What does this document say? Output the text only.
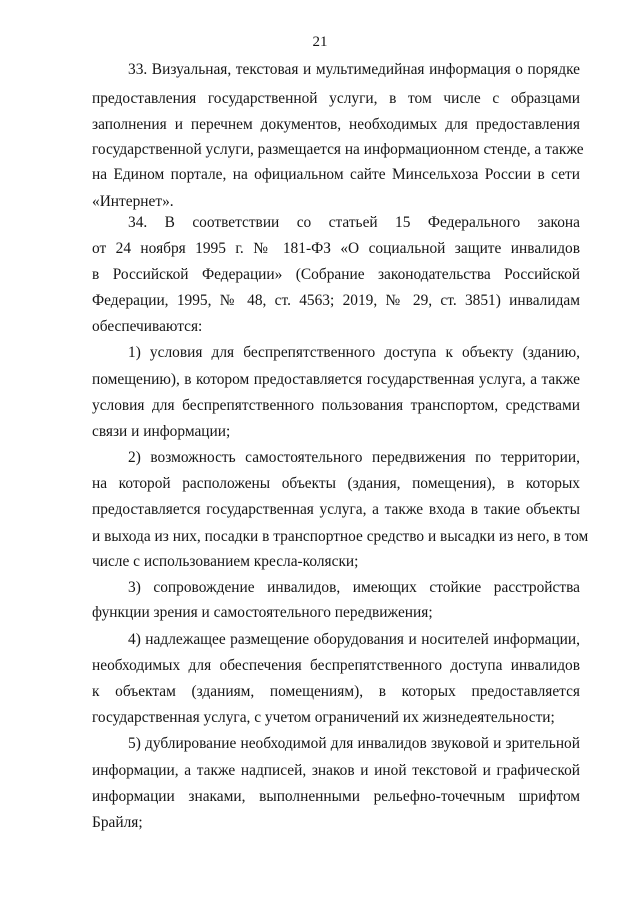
21
33. Визуальная, текстовая и мультимедийная информация о порядке
предоставления государственной услуги, в том числе с образцами
заполнения и перечнем документов, необходимых для предоставления
государственной услуги, размещается на информационном стенде, а также
на Едином портале, на официальном сайте Минсельхоза России в сети
«Интернет».
34. В соответствии со статьей 15 Федерального закона
от 24 ноября 1995 г. № 181-ФЗ «О социальной защите инвалидов
в Российской Федерации» (Собрание законодательства Российской
Федерации, 1995, № 48, ст. 4563; 2019, № 29, ст. 3851) инвалидам
обеспечиваются:
1) условия для беспрепятственного доступа к объекту (зданию,
помещению), в котором предоставляется государственная услуга, а также
условия для беспрепятственного пользования транспортом, средствами
связи и информации;
2) возможность самостоятельного передвижения по территории,
на которой расположены объекты (здания, помещения), в которых
предоставляется государственная услуга, а также входа в такие объекты
и выхода из них, посадки в транспортное средство и высадки из него, в том
числе с использованием кресла-коляски;
3) сопровождение инвалидов, имеющих стойкие расстройства
функции зрения и самостоятельного передвижения;
4) надлежащее размещение оборудования и носителей информации,
необходимых для обеспечения беспрепятственного доступа инвалидов
к объектам (зданиям, помещениям), в которых предоставляется
государственная услуга, с учетом ограничений их жизнедеятельности;
5) дублирование необходимой для инвалидов звуковой и зрительной
информации, а также надписей, знаков и иной текстовой и графической
информации знаками, выполненными рельефно-точечным шрифтом
Брайля;
